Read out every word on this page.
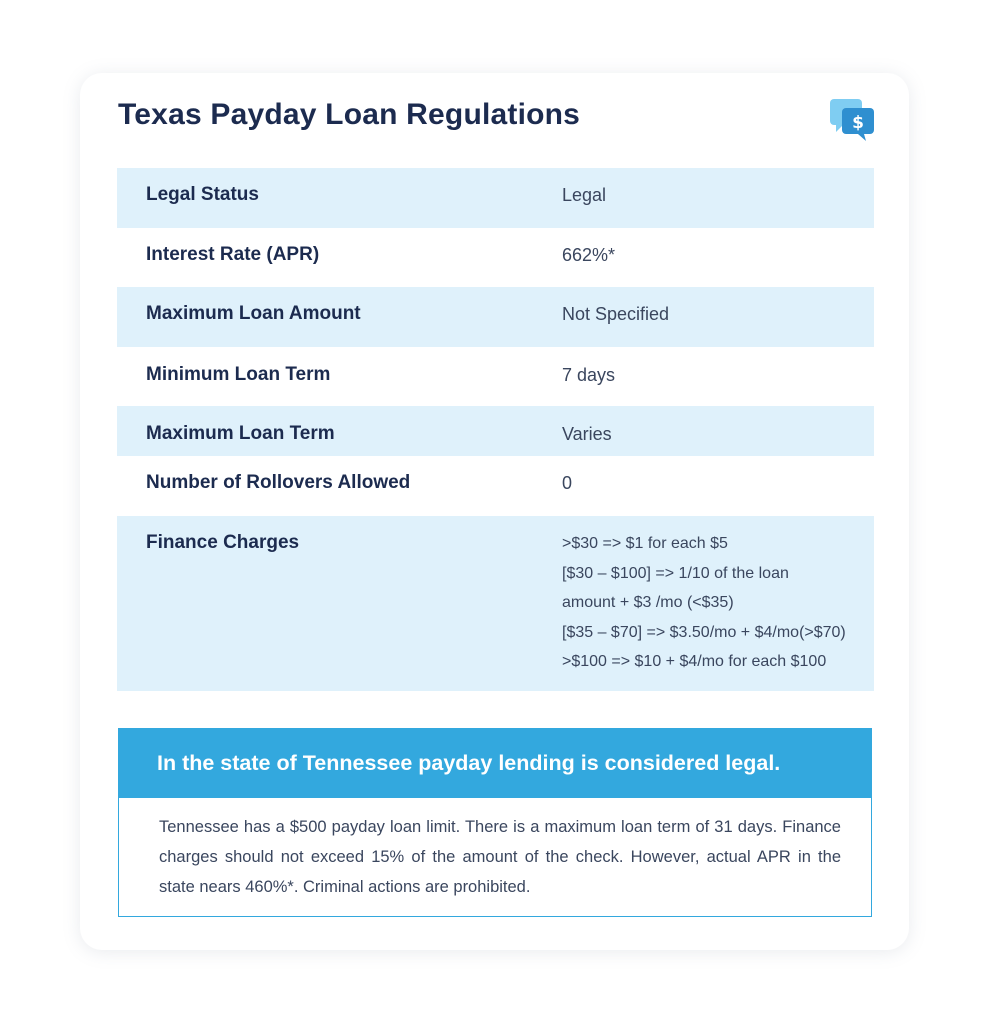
Texas Payday Loan Regulations	$
Legal Status	Legal
Interest Rate (APR)	662%*
Maximum Loan Amount	Not Specified
Minimum Loan Term	7 days
Maximum Loan Term	Varies
Number of Rollovers Allowed	0
Finance Charges	>$30 => $1 for each $5
[$30 – $100] => 1/10 of the loan
amount + $3 /mo (<$35)
[$35 – $70] => $3.50/mo + $4/mo(>$70)
>$100 => $10 + $4/mo for each $100
In the state of Tennessee payday lending is considered legal.
Tennessee has a $500 payday loan limit. There is a maximum loan term of 31 days. Finance charges should not exceed 15% of the amount of the check. However, actual APR in the state nears 460%*. Criminal actions are prohibited.
